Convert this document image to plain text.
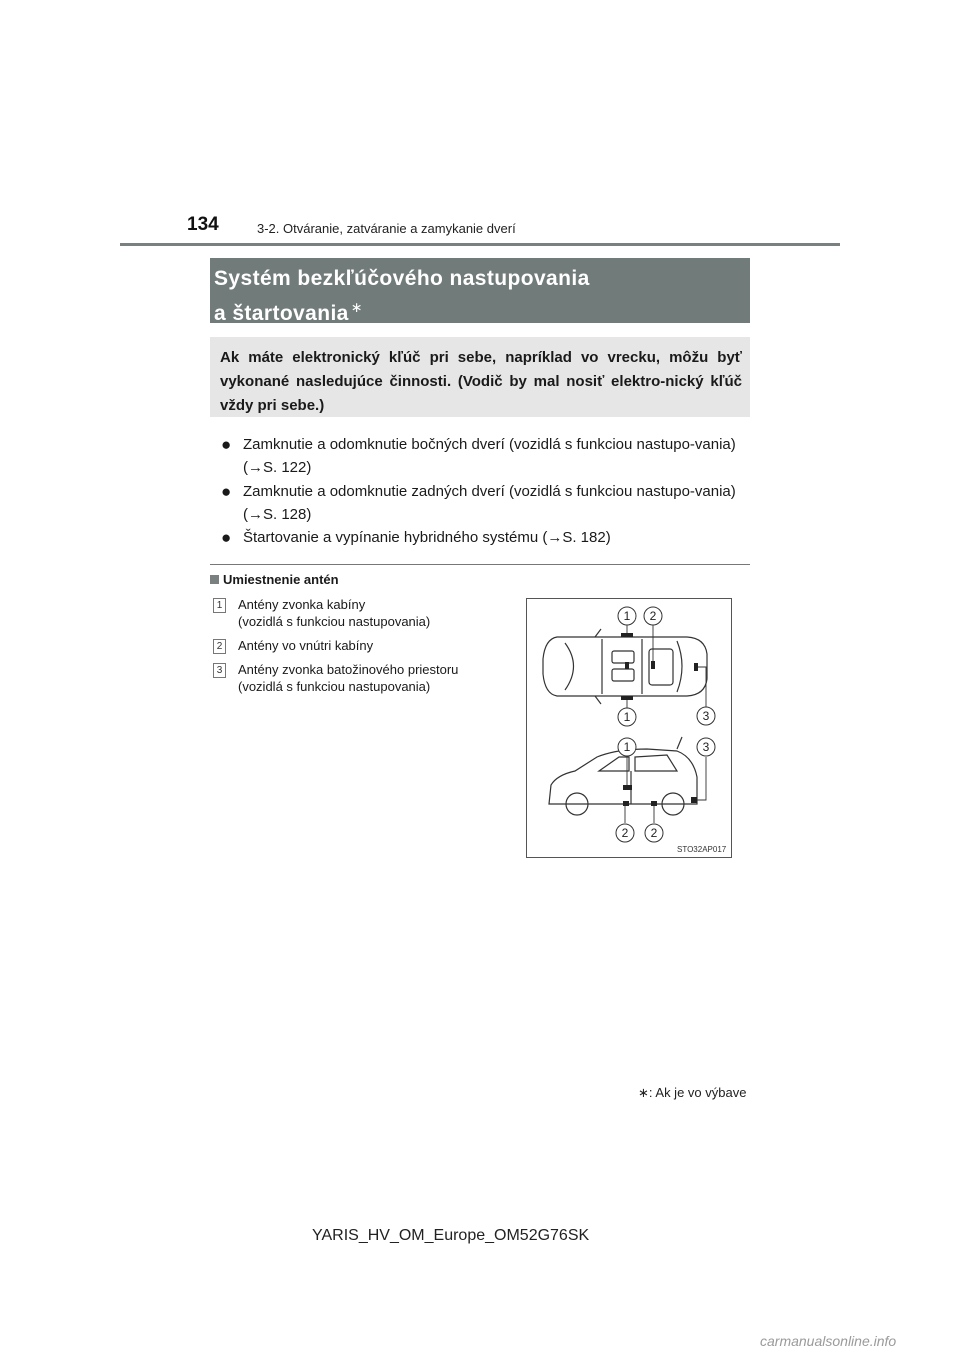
134	3-2. Otváranie, zatváranie a zamykanie dverí
Systém bezkľúčového nastupovania
a štartovania ∗
Ak máte elektronický kľúč pri sebe, napríklad vo vrecku, môžu byť vykonané nasledujúce činnosti. (Vodič by mal nosiť elektro-nický kľúč vždy pri sebe.)
● Zamknutie a odomknutie bočných dverí (vozidlá s funkciou nastupo-vania) (→S. 122)
● Zamknutie a odomknutie zadných dverí (vozidlá s funkciou nastupo-vania) (→S. 128)
● Štartovanie a vypínanie hybridného systému (→S. 182)
Umiestnenie antén
1 Antény zvonka kabíny
(vozidlá s funkciou nastupovania)
2 Antény vo vnútri kabíny
3 Antény zvonka batožinového priestoru
(vozidlá s funkciou nastupovania)
1 2
1	3
1	3
2 2
STO32AP017
∗: Ak je vo výbave
YARIS_HV_OM_Europe_OM52G76SK
carmanualsonline.info
